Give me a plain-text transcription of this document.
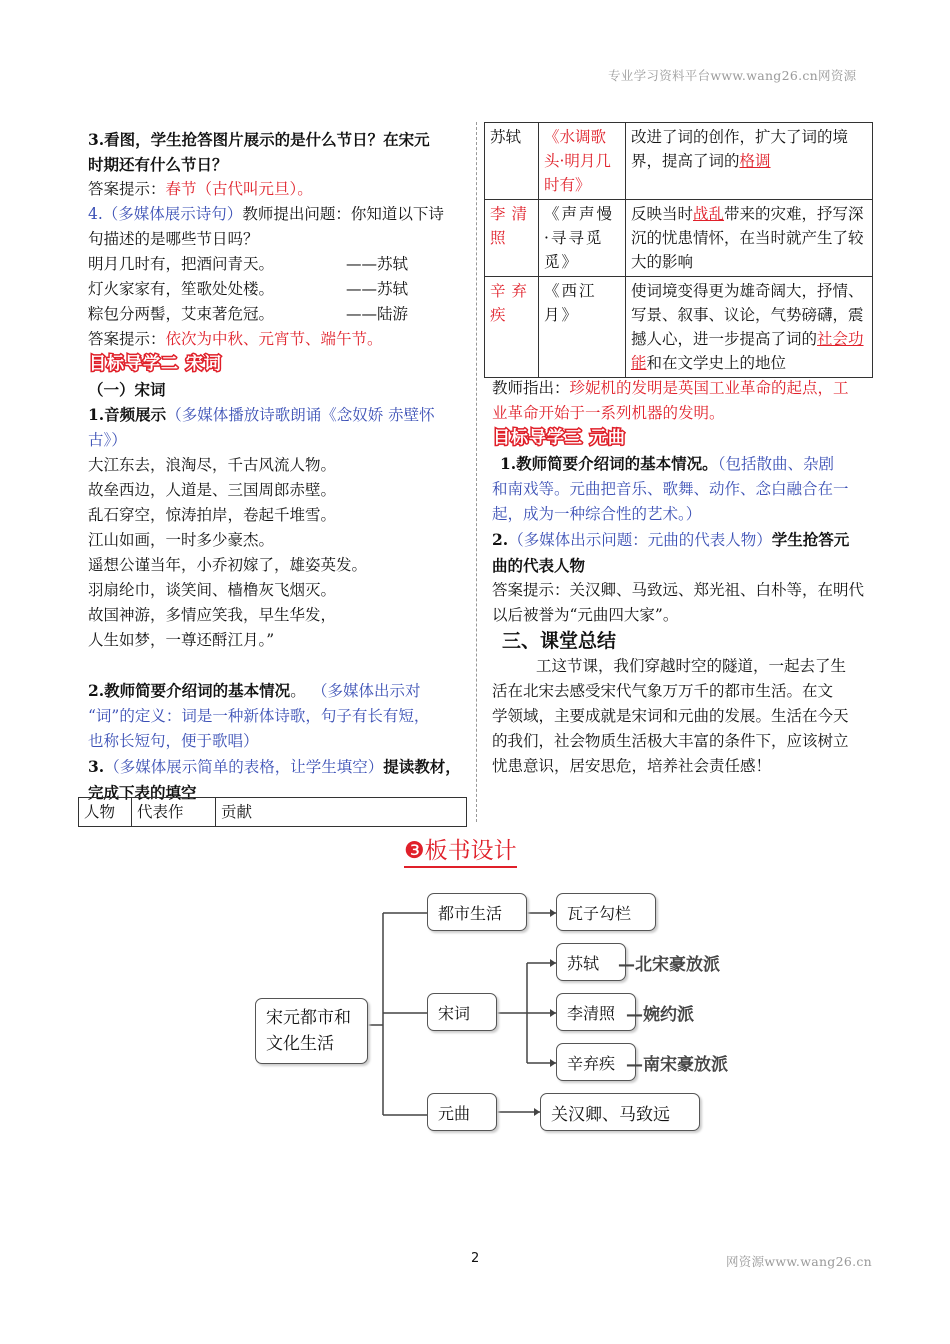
专业学习资料平台www.wang26.cn网资源
3.看图，学生抢答图片展示的是什么节日？在宋元
时期还有什么节日？
答案提示：春节（古代叫元旦）。
4.（多媒体展示诗句）教师提出问题：你知道以下诗
句描述的是哪些节日吗？
明月几时有，把酒问青天。	——苏轼
灯火家家有，笙歌处处楼。	——苏轼
粽包分两髻，艾束著危冠。	——陆游
答案提示：依次为中秋、元宵节、端午节。
目标导学二 宋词
（一）宋词
1.音频展示（多媒体播放诗歌朗诵《念奴娇 赤壁怀
古》）
大江东去，浪淘尽，千古风流人物。
故垒西边，人道是、三国周郎赤壁。
乱石穿空，惊涛拍岸，卷起千堆雪。
江山如画，一时多少豪杰。
遥想公谨当年，小乔初嫁了，雄姿英发。
羽扇纶巾，谈笑间、樯橹灰飞烟灭。
故国神游，多情应笑我，早生华发，
人生如梦，一尊还酹江月。”
2.教师简要介绍词的基本情况。 （多媒体出示对
“词”的定义：词是一种新体诗歌，句子有长有短，
也称长短句，便于歌唱）
3.（多媒体展示简单的表格，让学生填空）提读教材，
完成下表的填空
人物	代表作	贡献
苏轼	《水调歌头·明月几时有》	改进了词的创作，扩大了词的境界，提高了词的格调
李清照	《声声慢·寻寻觅觅》	反映当时战乱带来的灾难，抒写深沉的忧患情怀，在当时就产生了较大的影响
辛弃疾	《西江月》	使词境变得更为雄奇阔大，抒情、写景、叙事、议论，气势磅礴，震撼人心，进一步提高了词的社会功能和在文学史上的地位
教师指出：珍妮机的发明是英国工业革命的起点，工
业革命开始于一系列机器的发明。
目标导学三 元曲
1.教师简要介绍词的基本情况。（包括散曲、杂剧
和南戏等。元曲把音乐、歌舞、动作、念白融合在一
起，成为一种综合性的艺术。）
2.（多媒体出示问题：元曲的代表人物）学生抢答元
曲的代表人物
答案提示：关汉卿、马致远、郑光祖、白朴等，在明代
以后被誉为“元曲四大家”。
三、课堂总结
工这节课，我们穿越时空的隧道，一起去了生
活在北宋去感受宋代气象万万千的都市生活。在文
学领域，主要成就是宋词和元曲的发展。生活在今天
的我们，社会物质生活极大丰富的条件下，应该树立
忧患意识，居安思危，培养社会责任感！
❸板书设计
宋元都市和文化生活
都市生活	瓦子勾栏
宋词
苏轼 —北宋豪放派
李清照 —婉约派
辛弃疾 —南宋豪放派
元曲	关汉卿、马致远
2	网资源www.wang26.cn
